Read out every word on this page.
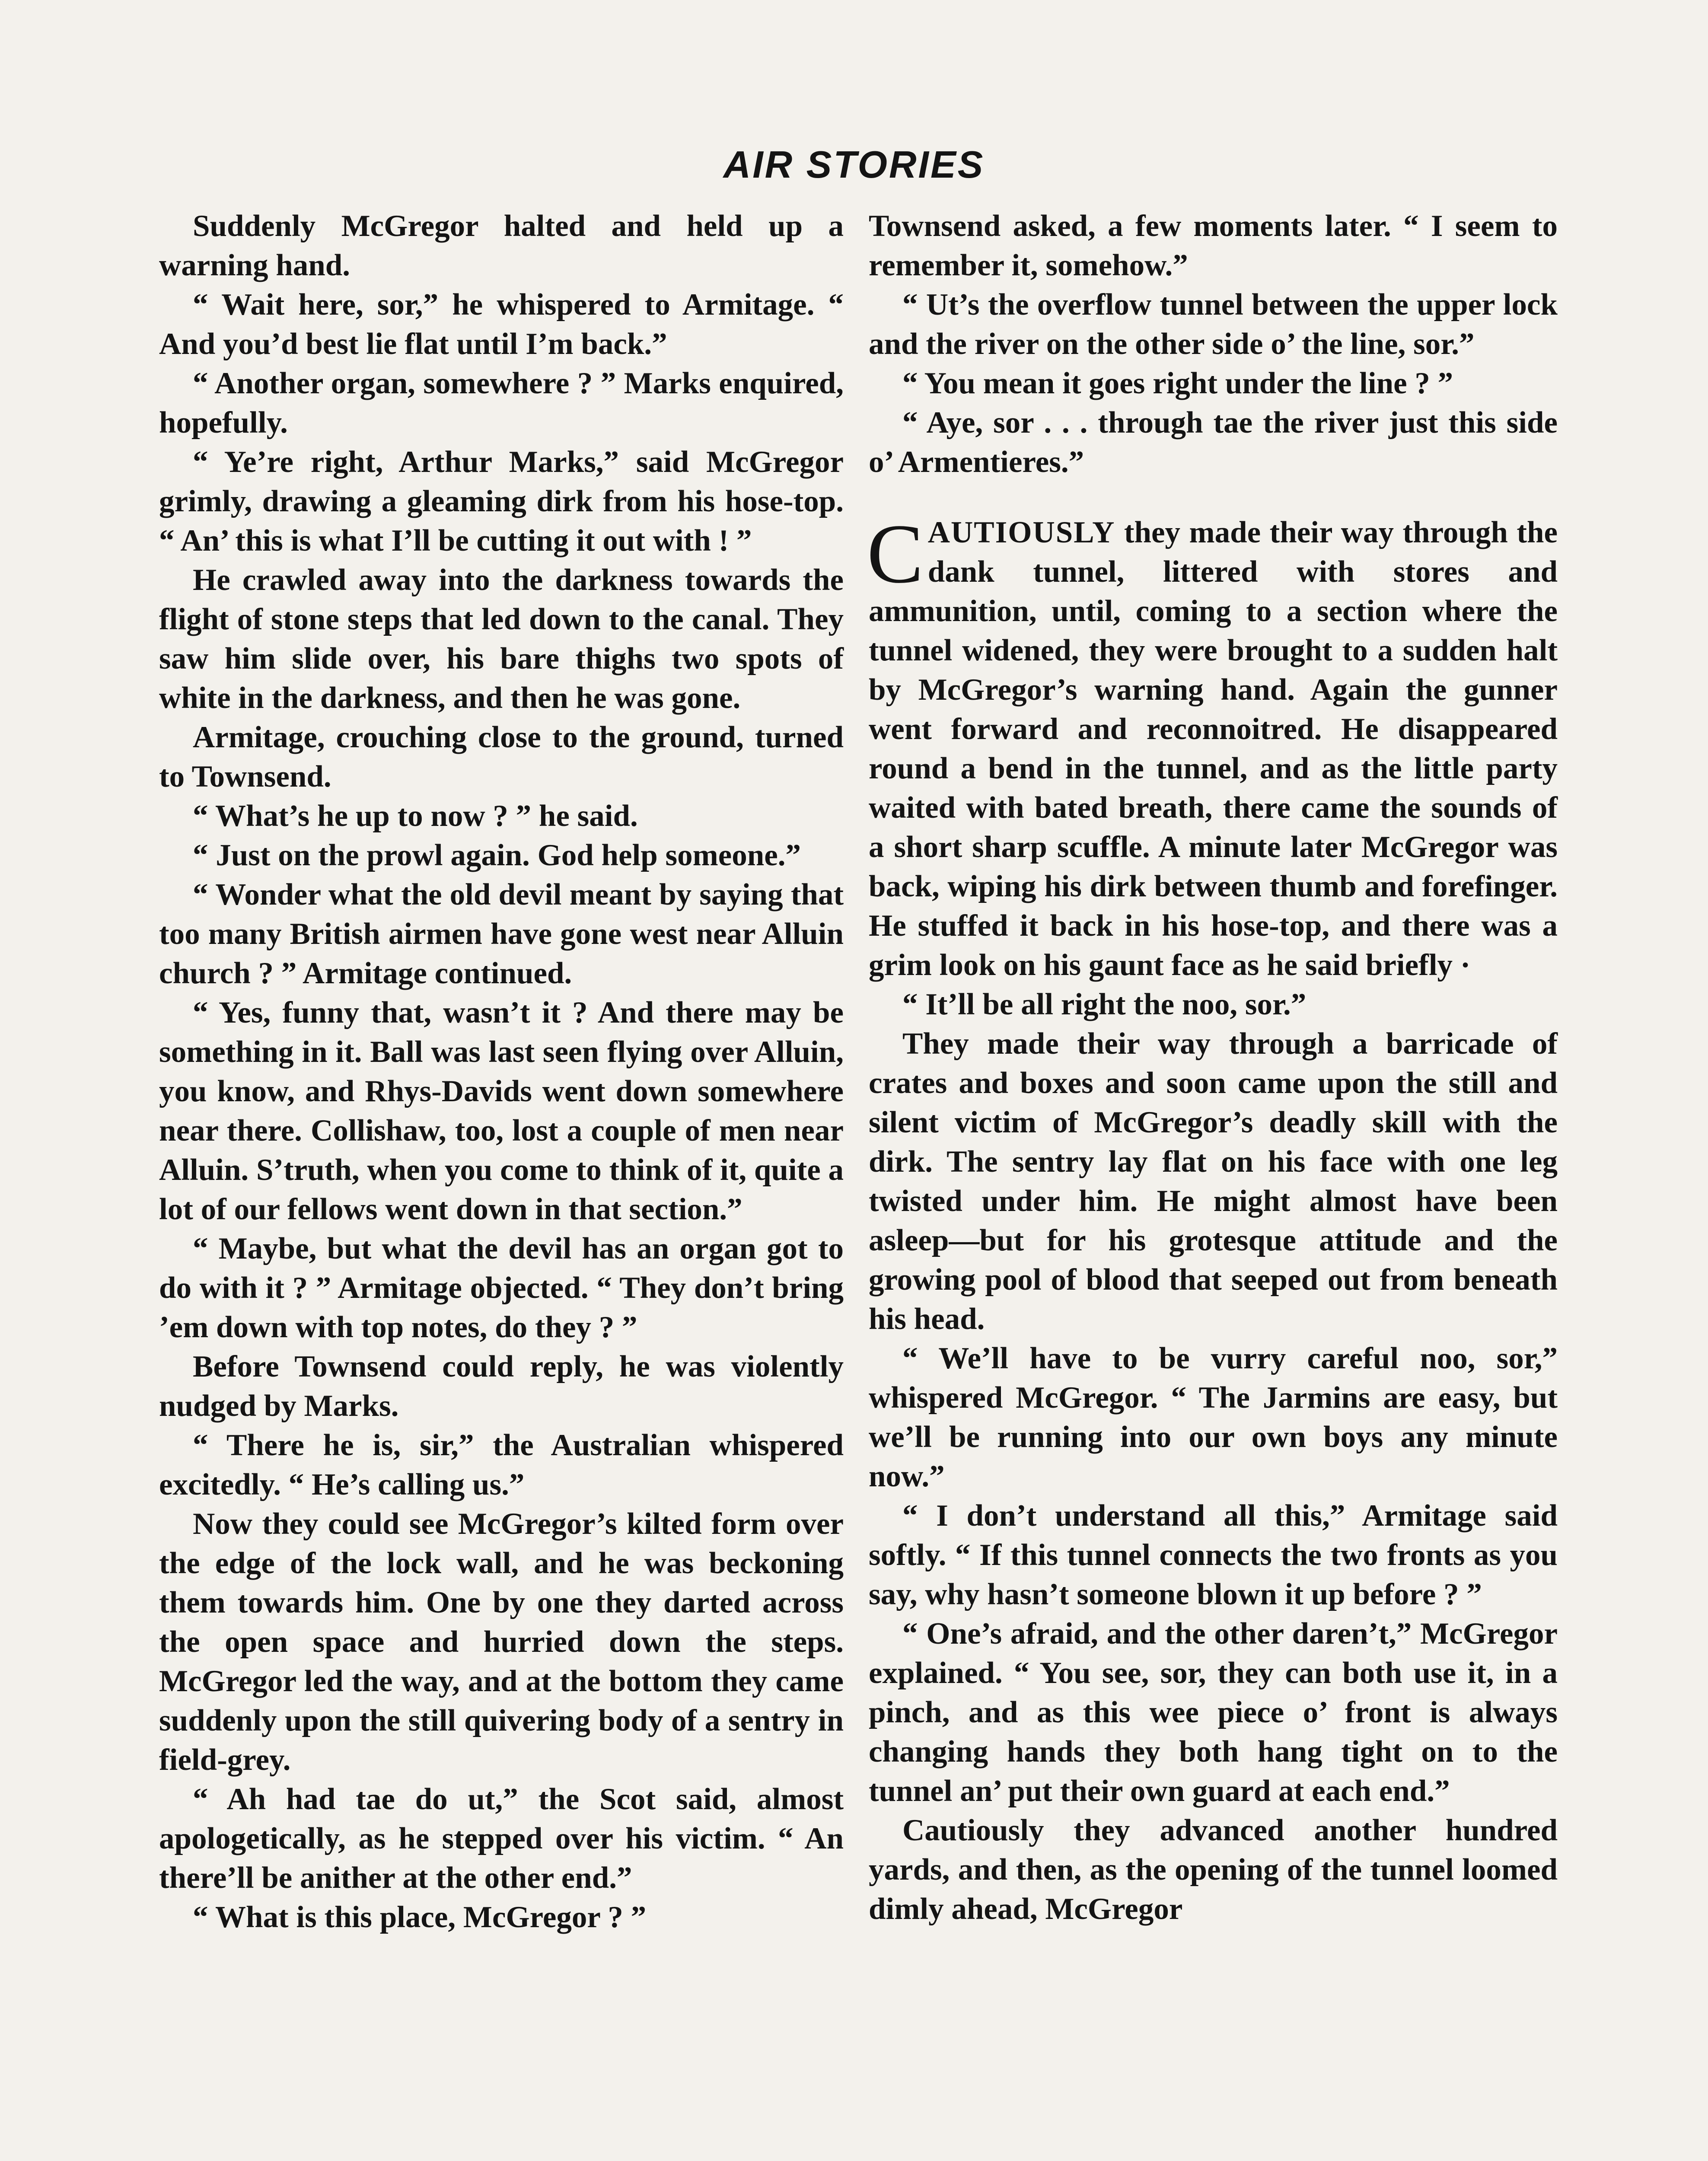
AIR STORIES

Suddenly McGregor halted and held up a warning hand.

“ Wait here, sor,” he whispered to Armitage. “ And you’d best lie flat until I’m back.”

“ Another organ, somewhere ? ” Marks enquired, hopefully.

“ Ye’re right, Arthur Marks,” said McGregor grimly, drawing a gleaming dirk from his hose-top. “ An’ this is what I’ll be cutting it out with ! ”

He crawled away into the darkness towards the flight of stone steps that led down to the canal. They saw him slide over, his bare thighs two spots of white in the darkness, and then he was gone.

Armitage, crouching close to the ground, turned to Townsend.

“ What’s he up to now ? ” he said.

“ Just on the prowl again. God help someone.”

“ Wonder what the old devil meant by saying that too many British airmen have gone west near Alluin church ? ” Armitage continued.

“ Yes, funny that, wasn’t it ? And there may be something in it. Ball was last seen flying over Alluin, you know, and Rhys-Davids went down somewhere near there. Collishaw, too, lost a couple of men near Alluin. S’truth, when you come to think of it, quite a lot of our fellows went down in that section.”

“ Maybe, but what the devil has an organ got to do with it ? ” Armitage objected. “ They don’t bring ’em down with top notes, do they ? ”

Before Townsend could reply, he was violently nudged by Marks.

“ There he is, sir,” the Australian whispered excitedly. “ He’s calling us.”

Now they could see McGregor’s kilted form over the edge of the lock wall, and he was beckoning them towards him. One by one they darted across the open space and hurried down the steps. McGregor led the way, and at the bottom they came suddenly upon the still quivering body of a sentry in field-grey.

“ Ah had tae do ut,” the Scot said, almost apologetically, as he stepped over his victim. “ An there’ll be anither at the other end.”

“ What is this place, McGregor ? ”

Townsend asked, a few moments later. “ I seem to remember it, somehow.”

“ Ut’s the overflow tunnel between the upper lock and the river on the other side o’ the line, sor.”

“ You mean it goes right under the line ? ”

“ Aye, sor . . . through tae the river just this side o’ Armentieres.”

CAUTIOUSLY they made their way through the dank tunnel, littered with stores and ammunition, until, coming to a section where the tunnel widened, they were brought to a sudden halt by McGregor’s warning hand. Again the gunner went forward and reconnoitred. He disappeared round a bend in the tunnel, and as the little party waited with bated breath, there came the sounds of a short sharp scuffle. A minute later McGregor was back, wiping his dirk between thumb and forefinger. He stuffed it back in his hose-top, and there was a grim look on his gaunt face as he said briefly ·

“ It’ll be all right the noo, sor.”

They made their way through a barricade of crates and boxes and soon came upon the still and silent victim of McGregor’s deadly skill with the dirk. The sentry lay flat on his face with one leg twisted under him. He might almost have been asleep—but for his grotesque attitude and the growing pool of blood that seeped out from beneath his head.

“ We’ll have to be vurry careful noo, sor,” whispered McGregor. “ The Jarmins are easy, but we’ll be running into our own boys any minute now.”

“ I don’t understand all this,” Armitage said softly. “ If this tunnel connects the two fronts as you say, why hasn’t someone blown it up before ? ”

“ One’s afraid, and the other daren’t,” McGregor explained. “ You see, sor, they can both use it, in a pinch, and as this wee piece o’ front is always changing hands they both hang tight on to the tunnel an’ put their own guard at each end.”

Cautiously they advanced another hundred yards, and then, as the opening of the tunnel loomed dimly ahead, McGregor
